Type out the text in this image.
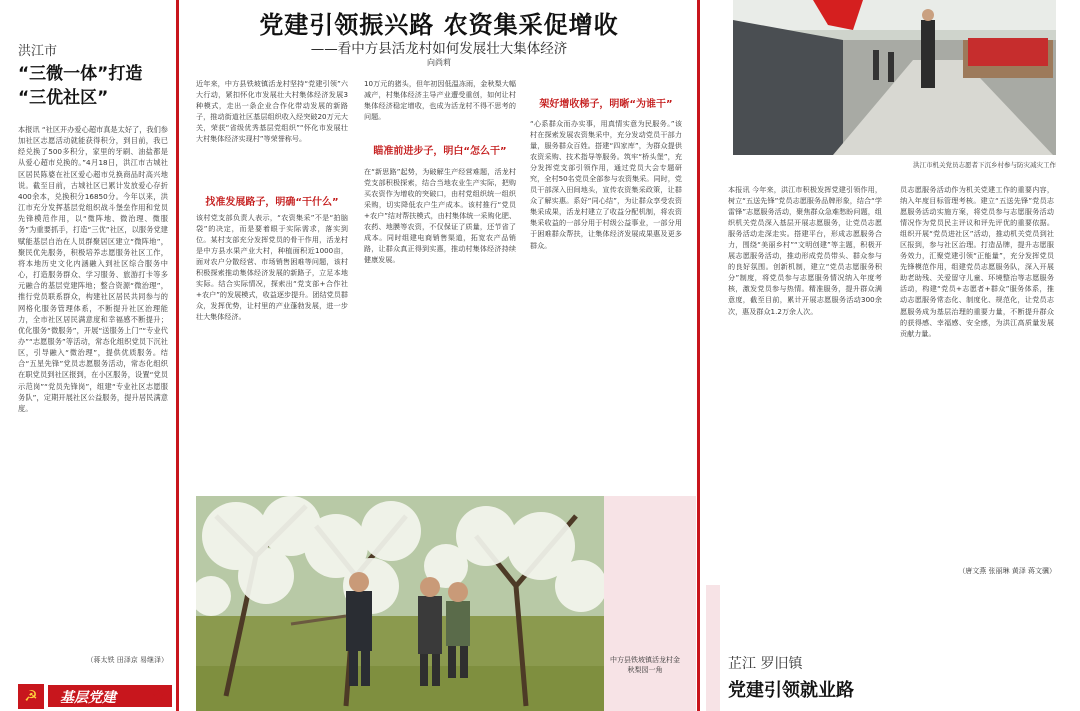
洪江市
“三微一体”打造
“三优社区”
本报讯 “社区开办爱心超市真是太好了，我们参加社区志愿活动就能获得积分，到目前，我已经兑换了500多积分，家里的牙刷、油盐都是从爱心超市兑换的。”4月18日，洪江市古城社区居民陈婆在社区爱心超市兑换商品时高兴地说。截至目前，古城社区已累计发放爱心存折400余本，兑换积分16850分。今年以来，洪江市充分发挥基层党组织战斗堡垒作用和党员先锋模范作用，以“微阵地、微治理、微服务”为重要抓手，打造“三优”社区，以服务党建赋能基层自治在人员群聚居区建立“微阵地”，聚民优先服务，积极培养志愿服务社区工作，将本地历史文化内涵融入到社区综合服务中心，打造服务群众、学习服务、旅游打卡等多元融合的基层党建阵地；整合资源“微治理”，推行党员联系群众，构建社区居民共同参与的网格化服务管理体系，不断提升社区治理能力，全市社区居民满意度和幸福感不断提升；优化服务“微服务”，开展“送服务上门”“专业代办”“志愿服务”等活动，常态化组织党员下沉社区，引导融入“微治理”，提供优质服务。结合“五星先锋”党员志愿服务活动，常态化组织在职党员到社区报到，在小区服务，设置“党员示范岗”“党员先锋岗”，组建“专业社区志愿服务队”，定期开展社区公益服务，提升居民满意度。
（蒋太铁 田泽京 易继泽）
☭	基层党建 ★
党建引领振兴路 农资集采促增收
——看中方县活龙村如何发展壮大集体经济
向尚莉
近年来，中方县铁坡镇活龙村坚持“党建引领”六大行动，紧扣怀化市发展壮大村集体经济发展3种模式，走出一条企业合作化带动发展的新路子，推动街道社区基层组织收入经突破20万元大关，荣获“省级优秀基层党组织”“怀化市发展壮大村集体经济实现村”等荣誉称号。
找准发展路子，明确“干什么”
该村党支部负责人表示，“农资集采”不是“拍脑袋”的决定，而是要着眼于实际需求，落实到位。某村支部充分发挥党员的骨干作用，活龙村是中方县水果产业大村，种植面积近1000亩，面对农户分散经营、市场销售困难等问题，该村积极探索推动集体经济发展的新路子，立足本地实际。结合实际情况，探索出“党支部+合作社+农户”的发展模式，收益逐步提升。团结党员群众，发挥优势，让村里的产业蓬勃发展，进一步壮大集体经济。
10万元的猪头，但年初因低温冻雨，金秋梨大幅减产，村集体经济主导产业遭受重创，如何让村集体经济稳定增收，也成为活龙村不得不思考的问题。
瞄准前进步子，明白“怎么干”
在“新思路”起势，为破解生产经营难题，活龙村党支部积极探索，结合当地农业生产实际，把购买农资作为增收的突破口，由村党组织统一组织采购，切实降低农户生产成本。该村推行“党员+农户”结对帮扶模式，由村集体统一采购化肥、农药、地膜等农资，不仅保证了质量，还节省了成本。同时组建电商销售渠道，拓宽农产品销路，让群众真正得到实惠，推动村集体经济持续健康发展。
架好增收梯子，明晰“为谁干”
“心系群众而办实事，用真情实意为民服务。”该村在探索发展农资集采中，充分发动党员干部力量，服务群众百姓。搭建“四家库”，为群众提供农资采购、技术指导等服务。筑牢“桥头堡”，充分发挥党支部引领作用，通过党员大会专题研究，全村50名党员全部参与农资集采。同时，党员干部深入田间地头，宣传农资集采政策，让群众了解实惠。系好“同心结”，为让群众享受农资集采成果，活龙村建立了收益分配机制，将农资集采收益的一部分用于村级公益事业，一部分用于困难群众帮扶，让集体经济发展成果惠及更多群众。
中方县铁坡镇活龙村金秋梨园一角
洪江市机关党员志愿者下沉乡村参与防灾减灾工作
本报讯 今年来，洪江市积极发挥党建引领作用，树立“五送先锋”党员志愿服务品牌形象，结合“学雷锋”志愿服务活动，聚焦群众急难愁盼问题，组织机关党员深入基层开展志愿服务，让党员志愿服务活动走深走实。搭建平台，形成志愿服务合力，围绕“美丽乡村”“文明创建”等主题，积极开展志愿服务活动，推动形成党员带头、群众参与的良好氛围。创新机制，建立“党员志愿服务积分”制度，将党员参与志愿服务情况纳入年度考核，激发党员参与热情。精准服务，提升群众满意度，截至目前，累计开展志愿服务活动300余次，惠及群众1.2万余人次。
员志愿服务活动作为机关党建工作的重要内容，纳入年度目标管理考核。建立“五送先锋”党员志愿服务活动实施方案，将党员参与志愿服务活动情况作为党员民主评议和评先评优的重要依据。组织开展“党员进社区”活动，推动机关党员到社区报到，参与社区治理。打造品牌，提升志愿服务效力，汇聚党建引领“正能量”，充分发挥党员先锋模范作用，组建党员志愿服务队，深入开展助老助残、关爱留守儿童、环境整治等志愿服务活动，构建“党员+志愿者+群众”服务体系，推动志愿服务常态化、制度化、规范化，让党员志愿服务成为基层治理的重要力量，不断提升群众的获得感、幸福感、安全感，为洪江高质量发展贡献力量。
（唐文燕 张丽琳 黄泽 蒋文骥）
芷江 罗旧镇
党建引领就业路
